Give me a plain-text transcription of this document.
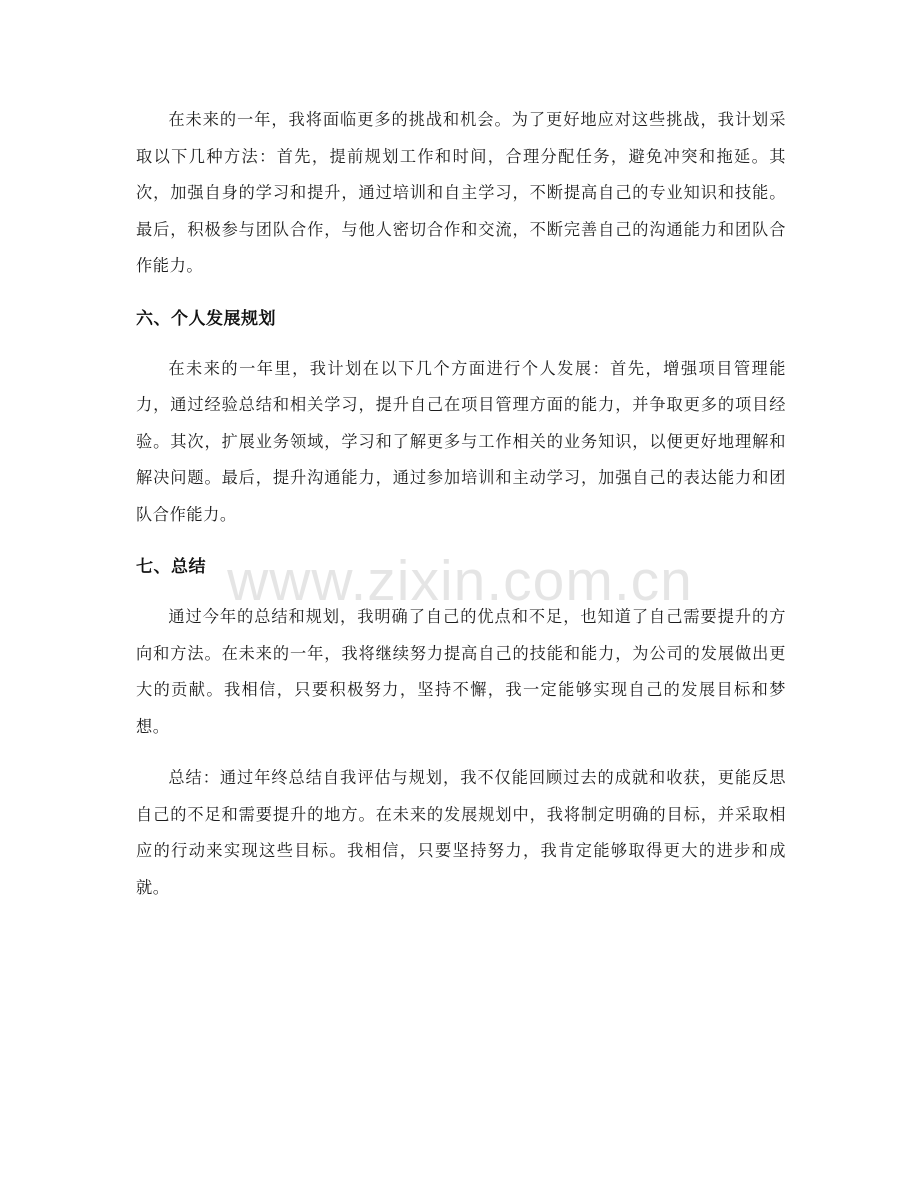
在未来的一年，我将面临更多的挑战和机会。为了更好地应对这些挑战，我计划采取以下几种方法：首先，提前规划工作和时间，合理分配任务，避免冲突和拖延。其次，加强自身的学习和提升，通过培训和自主学习，不断提高自己的专业知识和技能。最后，积极参与团队合作，与他人密切合作和交流，不断完善自己的沟通能力和团队合作能力。

六、个人发展规划

在未来的一年里，我计划在以下几个方面进行个人发展：首先，增强项目管理能力，通过经验总结和相关学习，提升自己在项目管理方面的能力，并争取更多的项目经验。其次，扩展业务领域，学习和了解更多与工作相关的业务知识，以便更好地理解和解决问题。最后，提升沟通能力，通过参加培训和主动学习，加强自己的表达能力和团队合作能力。

七、总结

通过今年的总结和规划，我明确了自己的优点和不足，也知道了自己需要提升的方向和方法。在未来的一年，我将继续努力提高自己的技能和能力，为公司的发展做出更大的贡献。我相信，只要积极努力，坚持不懈，我一定能够实现自己的发展目标和梦想。

总结：通过年终总结自我评估与规划，我不仅能回顾过去的成就和收获，更能反思自己的不足和需要提升的地方。在未来的发展规划中，我将制定明确的目标，并采取相应的行动来实现这些目标。我相信，只要坚持努力，我肯定能够取得更大的进步和成就。

www.zixin.com.cn
